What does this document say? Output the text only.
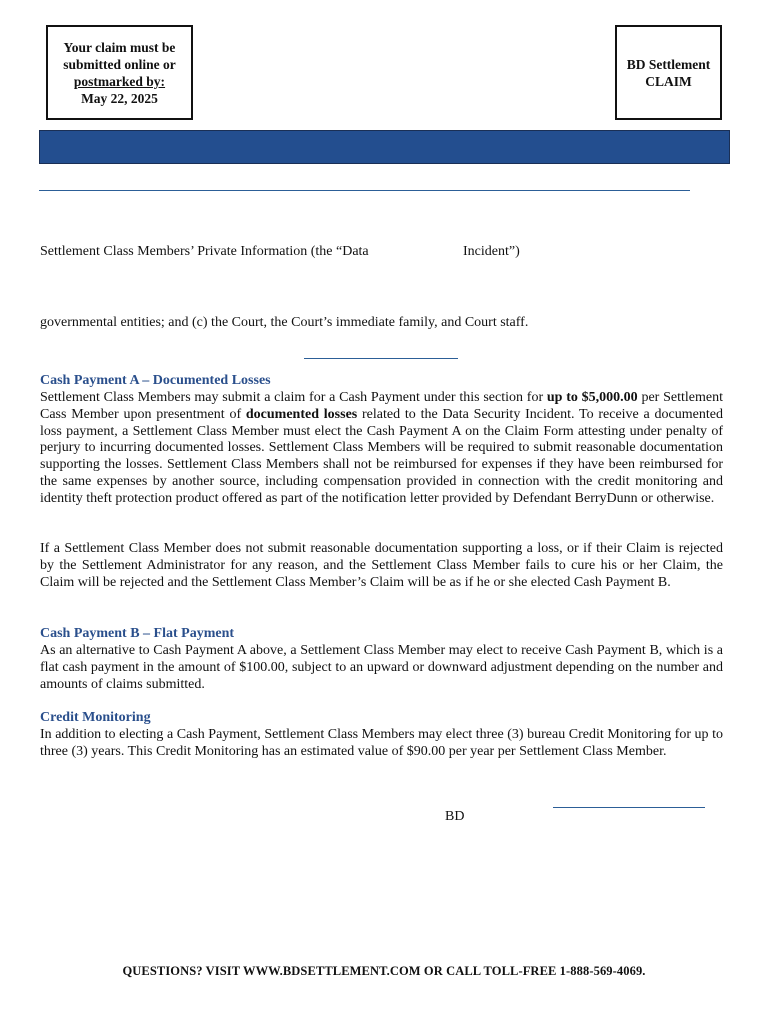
Your claim must be
submitted online or
postmarked by:
May 22, 2025
BD Settlement
CLAIM
Settlement Class Members’ Private Information (the “Data	Incident”)
governmental entities; and (c) the Court, the Court’s immediate family, and Court staff.
Cash Payment A – Documented Losses

Settlement Class Members may submit a claim for a Cash Payment under this section for up to $5,000.00 per Settlement Cass Member upon presentment of documented losses related to the Data Security Incident. To receive a documented loss payment, a Settlement Class Member must elect the Cash Payment A on the Claim Form attesting under penalty of perjury to incurring documented losses. Settlement Class Members will be required to submit reasonable documentation supporting the losses. Settlement Class Members shall not be reimbursed for expenses if they have been reimbursed for the same expenses by another source, including compensation provided in connection with the credit monitoring and identity theft protection product offered as part of the notification letter provided by Defendant BerryDunn or otherwise.

If a Settlement Class Member does not submit reasonable documentation supporting a loss, or if their Claim is rejected by the Settlement Administrator for any reason, and the Settlement Class Member fails to cure his or her Claim, the Claim will be rejected and the Settlement Class Member’s Claim will be as if he or she elected Cash Payment B.

Cash Payment B – Flat Payment

As an alternative to Cash Payment A above, a Settlement Class Member may elect to receive Cash Payment B, which is a flat cash payment in the amount of $100.00, subject to an upward or downward adjustment depending on the number and amounts of claims submitted.

Credit Monitoring

In addition to electing a Cash Payment, Settlement Class Members may elect three (3) bureau Credit Monitoring for up to three (3) years. This Credit Monitoring has an estimated value of $90.00 per year per Settlement Class Member.

BD
QUESTIONS? VISIT WWW.BDSETTLEMENT.COM OR CALL TOLL-FREE 1-888-569-4069.
